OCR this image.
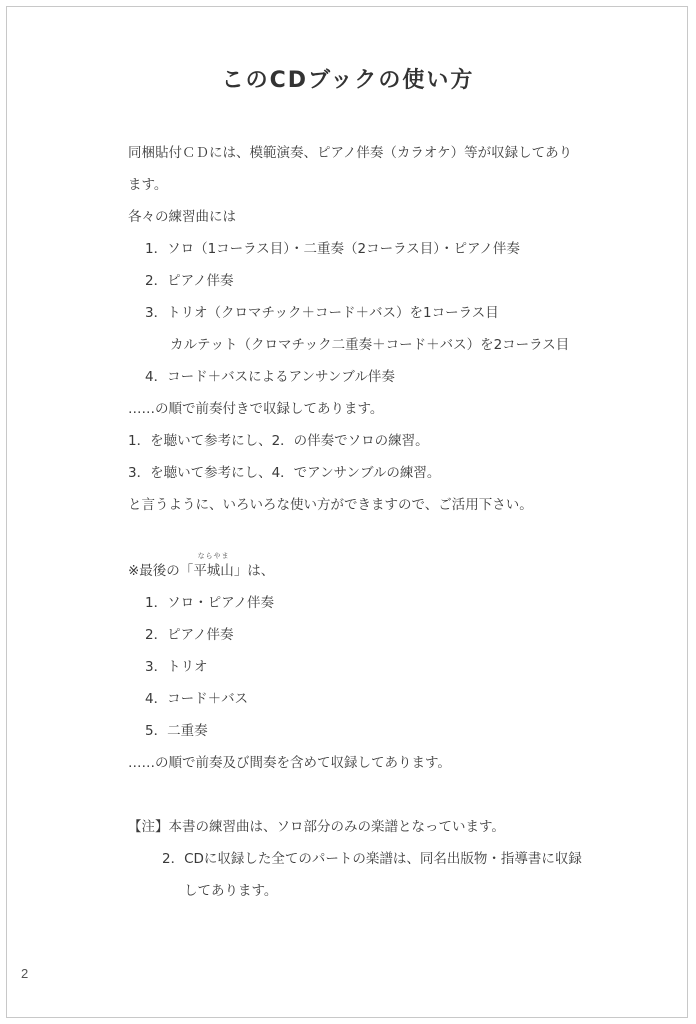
このCDブックの使い方
同梱貼付ＣＤには、模範演奏、ピアノ伴奏（カラオケ）等が収録してあり
ます。
各々の練習曲には
1．ソロ（1コーラス目）・二重奏（2コーラス目）・ピアノ伴奏
2．ピアノ伴奏
3．トリオ（クロマチック＋コード＋バス）を1コーラス目
カルテット（クロマチック二重奏＋コード＋バス）を2コーラス目
4．コード＋バスによるアンサンブル伴奏
……の順で前奏付きで収録してあります。
1．を聴いて参考にし、2．の伴奏でソロの練習。
3．を聴いて参考にし、4．でアンサンブルの練習。
と言うように、いろいろな使い方ができますので、ご活用下さい。
※最後の「
ならやま
平城山」は、
1．ソロ・ピアノ伴奏
2．ピアノ伴奏
3．トリオ
4．コード＋バス
5．二重奏
……の順で前奏及び間奏を含めて収録してあります。
【注】本書の練習曲は、ソロ部分のみの楽譜となっています。
2．CDに収録した全てのパートの楽譜は、同名出版物・指導書に収録
してあります。
2
